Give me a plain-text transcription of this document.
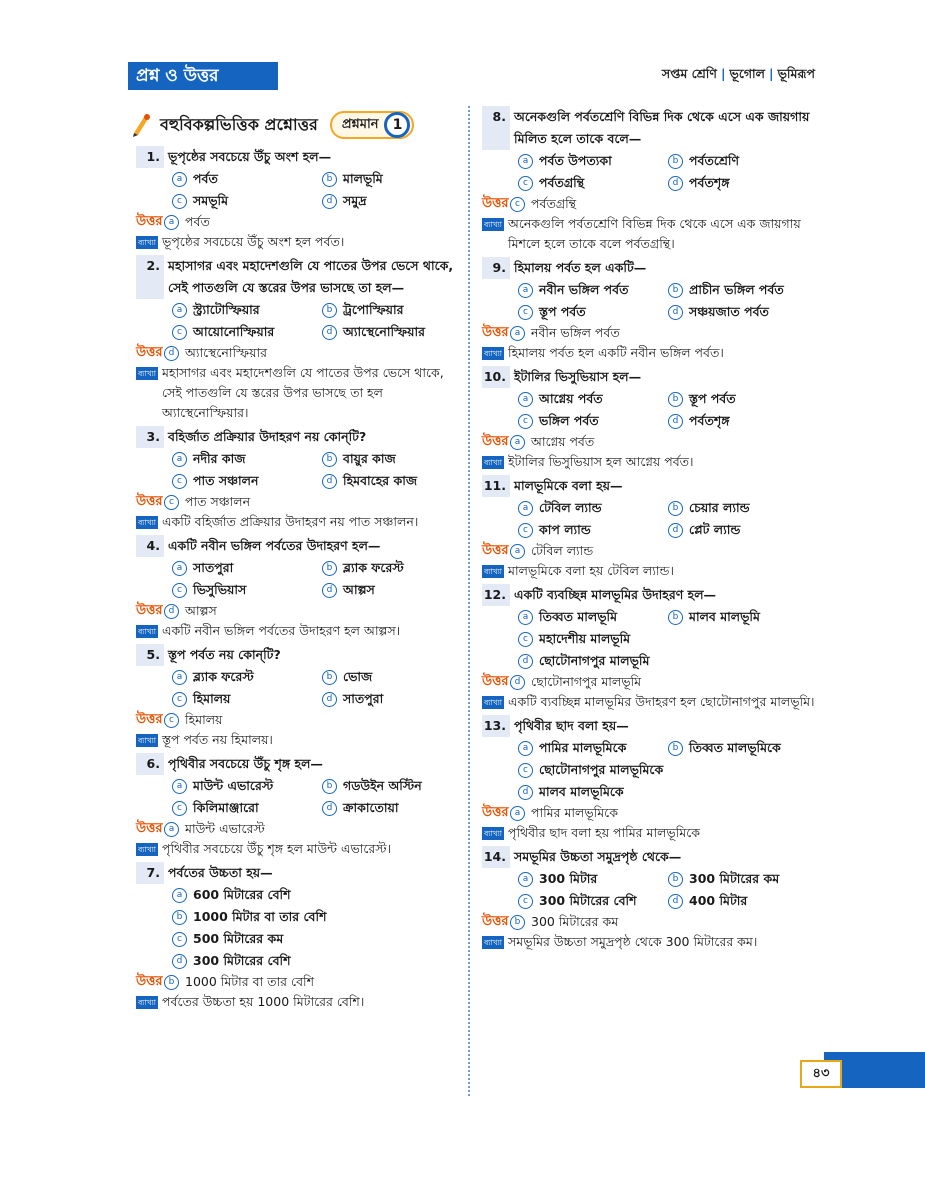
প্রশ্ন ও উত্তর	সপ্তম শ্রেণি | ভূগোল | ভূমিরূপ
বহুবিকল্পভিত্তিক প্রশ্নোত্তর প্রশ্নমান	1
1. ভূপৃষ্ঠের সবচেয়ে উঁচু অংশ হল—
a পর্বত	b মালভূমি
c সমভূমি	d সমুদ্র
উত্তর a পর্বত
ব্যাখ্যা ভূপৃষ্ঠের সবচেয়ে উঁচু অংশ হল পর্বত।
2. মহাসাগর এবং মহাদেশগুলি যে পাতের উপর ভেসে থাকে, সেই পাতগুলি যে স্তরের উপর ভাসছে তা হল—
a স্ট্র্যাটোস্ফিয়ার	b ট্রপোস্ফিয়ার
c আয়োনোস্ফিয়ার	d অ্যাস্থেনোস্ফিয়ার
উত্তর d অ্যাস্থেনোস্ফিয়ার
ব্যাখ্যা মহাসাগর এবং মহাদেশগুলি যে পাতের উপর ভেসে থাকে, সেই পাতগুলি যে স্তরের উপর ভাসছে তা হল অ্যাস্থেনোস্ফিয়ার।
3. বহির্জাত প্রক্রিয়ার উদাহরণ নয় কোন্‌টি?
a নদীর কাজ	b বায়ুর কাজ
c পাত সঞ্চালন	d হিমবাহের কাজ
উত্তর c পাত সঞ্চালন
ব্যাখ্যা একটি বহির্জাত প্রক্রিয়ার উদাহরণ নয় পাত সঞ্চালন।
4. একটি নবীন ভঙ্গিল পর্বতের উদাহরণ হল—
a সাতপুরা	b ব্ল্যাক ফরেস্ট
c ভিসুভিয়াস	d আল্পস
উত্তর d আল্পস
ব্যাখ্যা একটি নবীন ভঙ্গিল পর্বতের উদাহরণ হল আল্পস।
5. স্তূপ পর্বত নয় কোন্‌টি?
a ব্ল্যাক ফরেস্ট	b ভোজ
c হিমালয়	d সাতপুরা
উত্তর c হিমালয়
ব্যাখ্যা স্তূপ পর্বত নয় হিমালয়।
6. পৃথিবীর সবচেয়ে উঁচু শৃঙ্গ হল—
a মাউন্ট এভারেস্ট	b গডউইন অস্টিন
c কিলিমাঞ্জারো	d ক্রাকাতোয়া
উত্তর a মাউন্ট এভারেস্ট
ব্যাখ্যা পৃথিবীর সবচেয়ে উঁচু শৃঙ্গ হল মাউন্ট এভারেস্ট।
7. পর্বতের উচ্চতা হয়—
a 600 মিটারের বেশি
b 1000 মিটার বা তার বেশি
c 500 মিটারের কম
d 300 মিটারের বেশি
উত্তর b 1000 মিটার বা তার বেশি
ব্যাখ্যা পর্বতের উচ্চতা হয় 1000 মিটারের বেশি।
8. অনেকগুলি পর্বতশ্রেণি বিভিন্ন দিক থেকে এসে এক জায়গায় মিলিত হলে তাকে বলে—
a পর্বত উপত্যকা	b পর্বতশ্রেণি
c পর্বতগ্রন্থি	d পর্বতশৃঙ্গ
উত্তর c পর্বতগ্রন্থি
ব্যাখ্যা অনেকগুলি পর্বতশ্রেণি বিভিন্ন দিক থেকে এসে এক জায়গায় মিশলে হলে তাকে বলে পর্বতগ্রন্থি।
9. হিমালয় পর্বত হল একটি—
a নবীন ভঙ্গিল পর্বত	b প্রাচীন ভঙ্গিল পর্বত
c স্তূপ পর্বত	d সঞ্চয়জাত পর্বত
উত্তর a নবীন ভঙ্গিল পর্বত
ব্যাখ্যা হিমালয় পর্বত হল একটি নবীন ভঙ্গিল পর্বত।
10. ইটালির ভিসুভিয়াস হল—
a আগ্নেয় পর্বত	b স্তূপ পর্বত
c ভঙ্গিল পর্বত	d পর্বতশৃঙ্গ
উত্তর a আগ্নেয় পর্বত
ব্যাখ্যা ইটালির ভিসুভিয়াস হল আগ্নেয় পর্বত।
11. মালভূমিকে বলা হয়—
a টেবিল ল্যান্ড	b চেয়ার ল্যান্ড
c কাপ ল্যান্ড	d প্লেট ল্যান্ড
উত্তর a টেবিল ল্যান্ড
ব্যাখ্যা মালভূমিকে বলা হয় টেবিল ল্যান্ড।
12. একটি ব্যবচ্ছিন্ন মালভূমির উদাহরণ হল—
a তিব্বত মালভূমি	b মালব মালভূমি
c মহাদেশীয় মালভূমি
d ছোটোনাগপুর মালভূমি
উত্তর d ছোটোনাগপুর মালভূমি
ব্যাখ্যা একটি ব্যবচ্ছিন্ন মালভূমির উদাহরণ হল ছোটোনাগপুর মালভূমি।
13. পৃথিবীর ছাদ বলা হয়—
a পামির মালভূমিকে	b তিব্বত মালভূমিকে
c ছোটোনাগপুর মালভূমিকে
d মালব মালভূমিকে
উত্তর a পামির মালভূমিকে
ব্যাখ্যা পৃথিবীর ছাদ বলা হয় পামির মালভূমিকে
14. সমভূমির উচ্চতা সমুদ্রপৃষ্ঠ থেকে—
a 300 মিটার	b 300 মিটারের কম
c 300 মিটারের বেশি	d 400 মিটার
উত্তর b 300 মিটারের কম
ব্যাখ্যা সমভূমির উচ্চতা সমুদ্রপৃষ্ঠ থেকে 300 মিটারের কম।
৪৩
